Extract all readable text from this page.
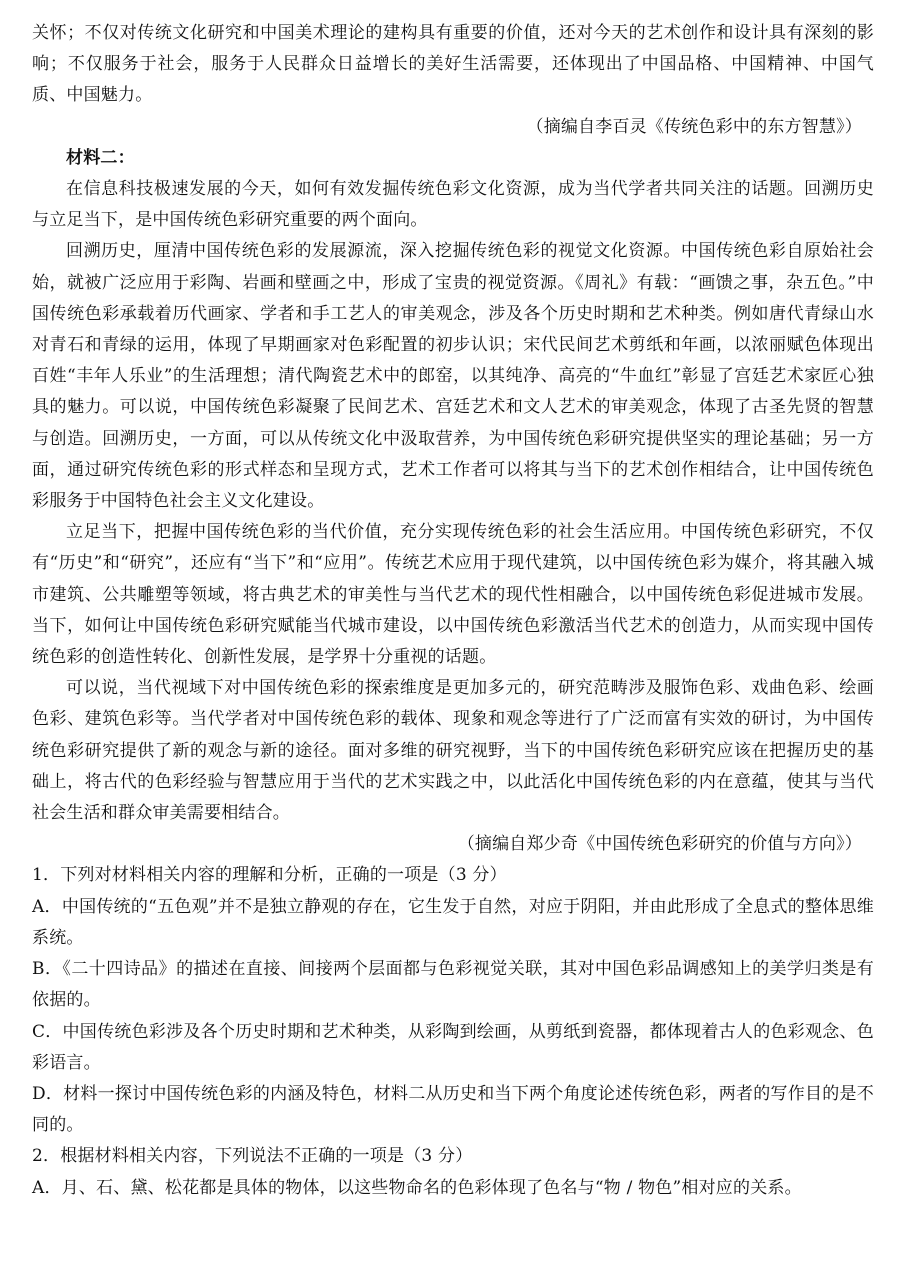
关怀；不仅对传统文化研究和中国美术理论的建构具有重要的价值，还对今天的艺术创作和设计具有深刻的影响；不仅服务于社会，服务于人民群众日益增长的美好生活需要，还体现出了中国品格、中国精神、中国气质、中国魅力。

（摘编自李百灵《传统色彩中的东方智慧》）

材料二：

在信息科技极速发展的今天，如何有效发掘传统色彩文化资源，成为当代学者共同关注的话题。回溯历史与立足当下，是中国传统色彩研究重要的两个面向。

回溯历史，厘清中国传统色彩的发展源流，深入挖掘传统色彩的视觉文化资源。中国传统色彩自原始社会始，就被广泛应用于彩陶、岩画和壁画之中，形成了宝贵的视觉资源。《周礼》有载：“画馈之事，杂五色。”中国传统色彩承载着历代画家、学者和手工艺人的审美观念，涉及各个历史时期和艺术种类。例如唐代青绿山水对青石和青绿的运用，体现了早期画家对色彩配置的初步认识；宋代民间艺术剪纸和年画，以浓丽赋色体现出百姓“丰年人乐业”的生活理想；清代陶瓷艺术中的郎窑，以其纯净、高亮的“牛血红”彰显了宫廷艺术家匠心独具的魅力。可以说，中国传统色彩凝聚了民间艺术、宫廷艺术和文人艺术的审美观念，体现了古圣先贤的智慧与创造。回溯历史，一方面，可以从传统文化中汲取营养，为中国传统色彩研究提供坚实的理论基础；另一方面，通过研究传统色彩的形式样态和呈现方式，艺术工作者可以将其与当下的艺术创作相结合，让中国传统色彩服务于中国特色社会主义文化建设。

立足当下，把握中国传统色彩的当代价值，充分实现传统色彩的社会生活应用。中国传统色彩研究，不仅有“历史”和“研究”，还应有“当下”和“应用”。传统艺术应用于现代建筑，以中国传统色彩为媒介，将其融入城市建筑、公共雕塑等领域，将古典艺术的审美性与当代艺术的现代性相融合，以中国传统色彩促进城市发展。当下，如何让中国传统色彩研究赋能当代城市建设，以中国传统色彩激活当代艺术的创造力，从而实现中国传统色彩的创造性转化、创新性发展，是学界十分重视的话题。

可以说，当代视域下对中国传统色彩的探索维度是更加多元的，研究范畴涉及服饰色彩、戏曲色彩、绘画色彩、建筑色彩等。当代学者对中国传统色彩的载体、现象和观念等进行了广泛而富有实效的研讨，为中国传统色彩研究提供了新的观念与新的途径。面对多维的研究视野，当下的中国传统色彩研究应该在把握历史的基础上，将古代的色彩经验与智慧应用于当代的艺术实践之中，以此活化中国传统色彩的内在意蕴，使其与当代社会生活和群众审美需要相结合。

（摘编自郑少奇《中国传统色彩研究的价值与方向》）

1．下列对材料相关内容的理解和分析，正确的一项是（3 分）

A．中国传统的“五色观”并不是独立静观的存在，它生发于自然，对应于阴阳，并由此形成了全息式的整体思维系统。

B．《二十四诗品》的描述在直接、间接两个层面都与色彩视觉关联，其对中国色彩品调感知上的美学归类是有依据的。

C．中国传统色彩涉及各个历史时期和艺术种类，从彩陶到绘画，从剪纸到瓷器，都体现着古人的色彩观念、色彩语言。

D．材料一探讨中国传统色彩的内涵及特色，材料二从历史和当下两个角度论述传统色彩，两者的写作目的是不同的。

2．根据材料相关内容，下列说法不正确的一项是（3 分）

A．月、石、黛、松花都是具体的物体，以这些物命名的色彩体现了色名与“物 / 物色”相对应的关系。
